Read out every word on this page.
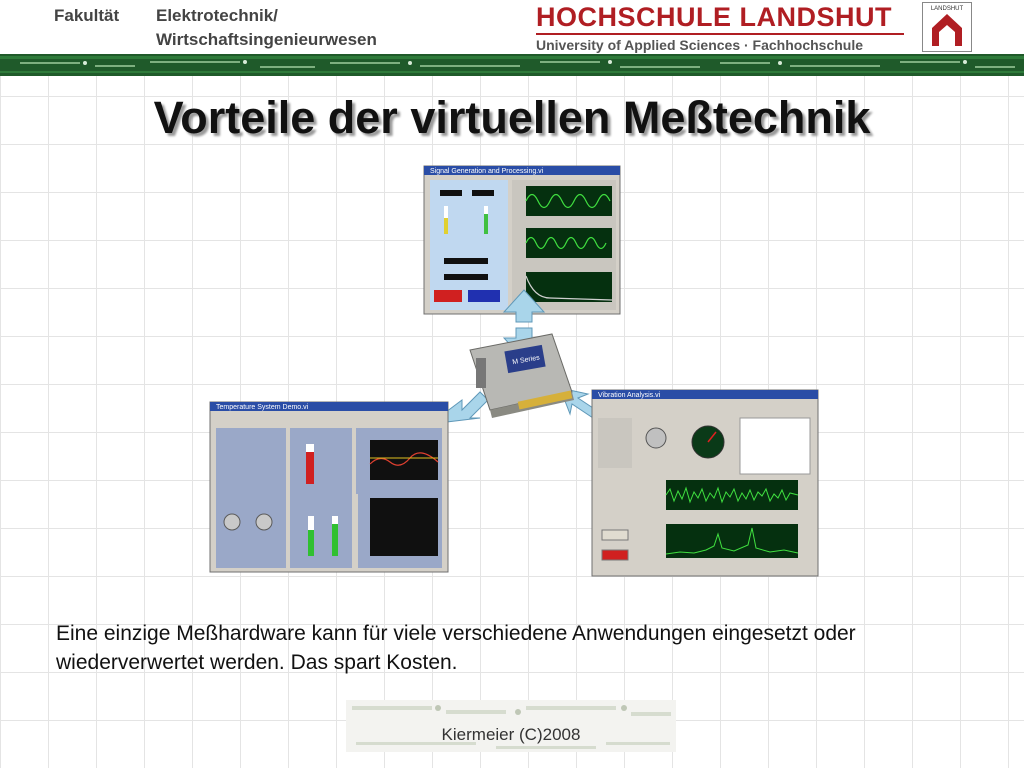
Fakultät Elektrotechnik/
Wirtschaftsingenieurwesen
HOCHSCHULE LANDSHUT
University of Applied Sciences · Fachhochschule
LANDSHUT
Vorteile der virtuellen Meßtechnik
Signal Generation and Processing.vi
M Series
Temperature System Demo.vi
Vibration Analysis.vi

Eine einzige Meßhardware kann für viele verschiedene Anwendungen eingesetzt oder wiederverwertet werden. Das spart Kosten.

Kiermeier (C)2008
